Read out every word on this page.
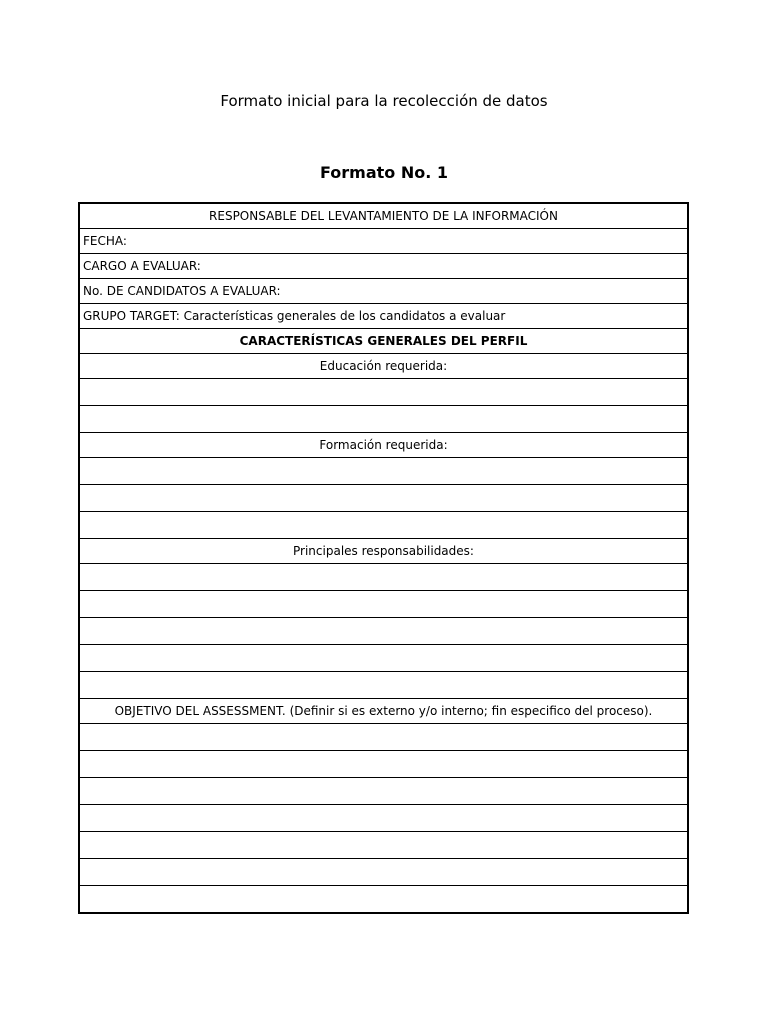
Formato inicial para la recolección de datos
Formato No. 1
RESPONSABLE DEL LEVANTAMIENTO DE LA INFORMACIÓN
FECHA:
CARGO A EVALUAR:
No. DE CANDIDATOS A EVALUAR:
GRUPO TARGET: Características generales de los candidatos a evaluar
CARACTERÍSTICAS GENERALES DEL PERFIL
Educación requerida:

Formación requerida:

Principales responsabilidades:

OBJETIVO DEL ASSESSMENT. (Definir si es externo y/o interno; fin especifico del proceso).
